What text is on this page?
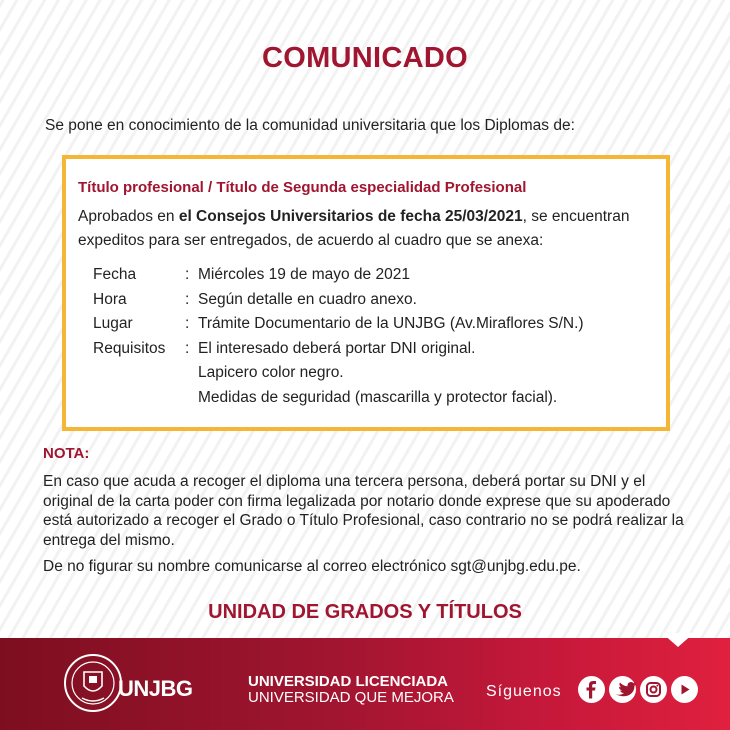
COMUNICADO
Se pone en conocimiento de la comunidad universitaria que los Diplomas de:
Título profesional / Título de Segunda especialidad Profesional
Aprobados en el Consejos Universitarios de fecha 25/03/2021, se encuentran expeditos para ser entregados, de acuerdo al cuadro que se anexa:
Fecha	: Miércoles 19 de mayo de 2021
Hora	: Según detalle en cuadro anexo.
Lugar	: Trámite Documentario de la UNJBG (Av.Miraflores S/N.)
Requisitos	: El interesado deberá portar DNI original.
Lapicero color negro.
Medidas de seguridad (mascarilla y protector facial).
NOTA:
En caso que acuda a recoger el diploma una tercera persona, deberá portar su DNI y el original de la carta poder con firma legalizada por notario donde exprese que su apoderado está autorizado a recoger el Grado o Título Profesional, caso contrario no se podrá realizar la entrega del mismo.
De no figurar su nombre comunicarse al correo electrónico sgt@unjbg.edu.pe.
UNIDAD DE GRADOS Y TÍTULOS
UNJBG	UNIVERSIDAD LICENCIADA
UNIVERSIDAD QUE MEJORA Síguenos
